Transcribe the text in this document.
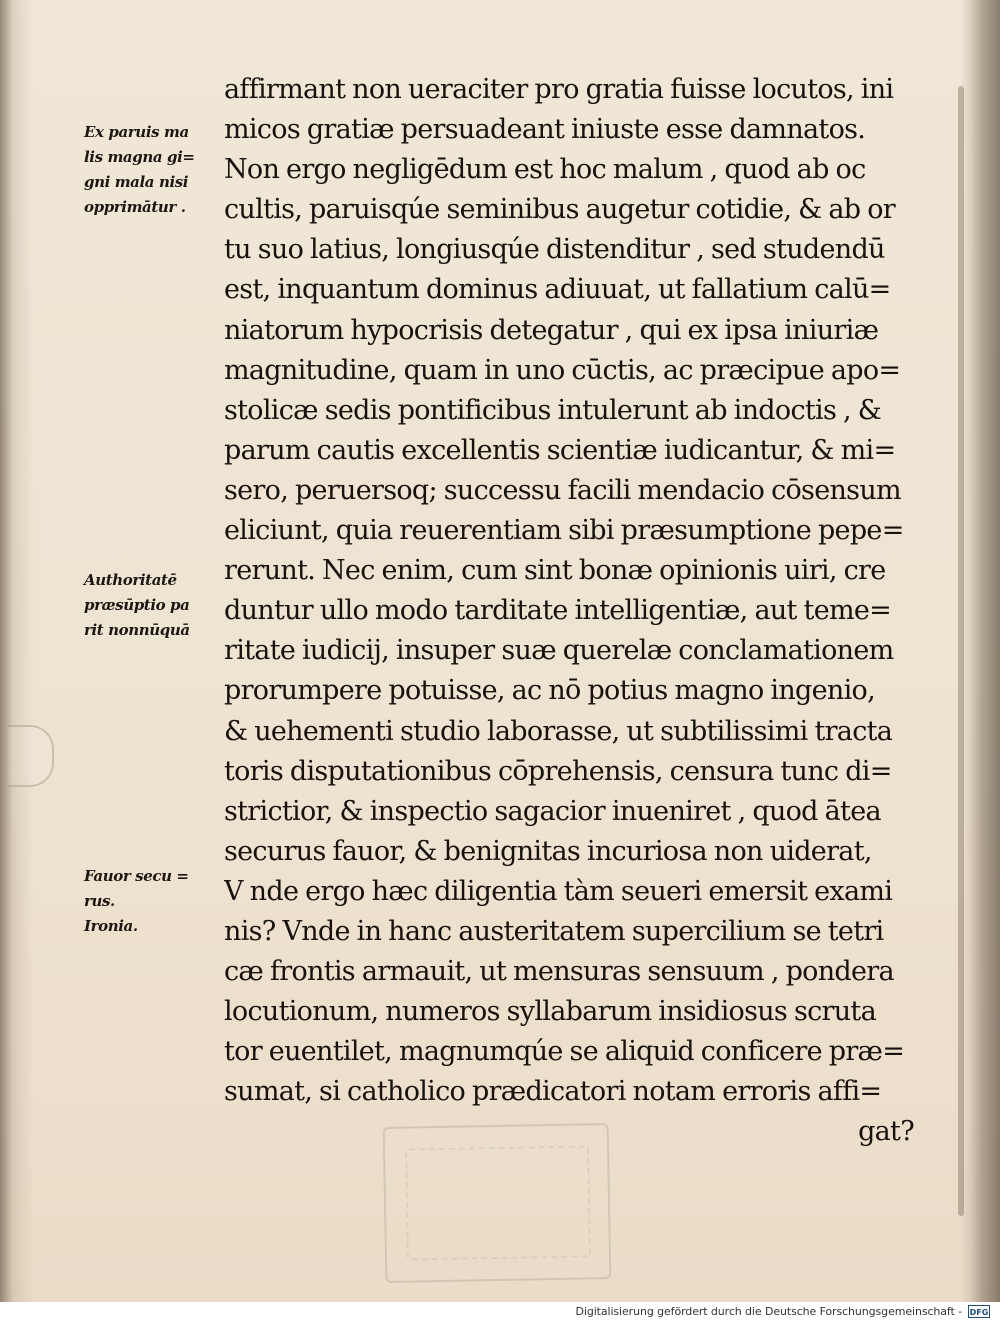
Ex paruis ma
lis magna gi=
gni mala nisi
opprimātur .
Authoritatē
præsūptio pa
rit nonnūquā
Fauor secu =
rus.
Ironia.
affirmant non ueraciter pro gratia fuisse locutos, ini
micos gratiæ persuadeant iniuste esse damnatos.
Non ergo negligēdum est hoc malum , quod ab oc
cultis, paruisqúe seminibus augetur cotidie, & ab or
tu suo latius, longiusqúe distenditur , sed studendū
est, inquantum dominus adiuuat, ut fallatium calū=
niatorum hypocrisis detegatur , qui ex ipsa iniuriæ
magnitudine, quam in uno cūctis, ac præcipue apo=
stolicæ sedis pontificibus intulerunt ab indoctis , &
parum cautis excellentis scientiæ iudicantur, & mi=
sero, peruersoq; successu facili mendacio cōsensum
eliciunt, quia reuerentiam sibi præsumptione pepe=
rerunt. Nec enim, cum sint bonæ opinionis uiri, cre
duntur ullo modo tarditate intelligentiæ, aut teme=
ritate iudicij, insuper suæ querelæ conclamationem
prorumpere potuisse, ac nō potius magno ingenio,
& uehementi studio laborasse, ut subtilissimi tracta
toris disputationibus cōprehensis, censura tunc di=
strictior, & inspectio sagacior inueniret , quod ātea
securus fauor, & benignitas incuriosa non uiderat,
V nde ergo hæc diligentia tàm seueri emersit exami
nis? Vnde in hanc austeritatem supercilium se tetri
cæ frontis armauit, ut mensuras sensuum , pondera
locutionum, numeros syllabarum insidiosus scruta
tor euentilet, magnumqúe se aliquid conficere præ=
sumat, si catholico prædicatori notam erroris affi=
gat?
Digitalisierung gefördert durch die Deutsche Forschungsgemeinschaft - DFG
